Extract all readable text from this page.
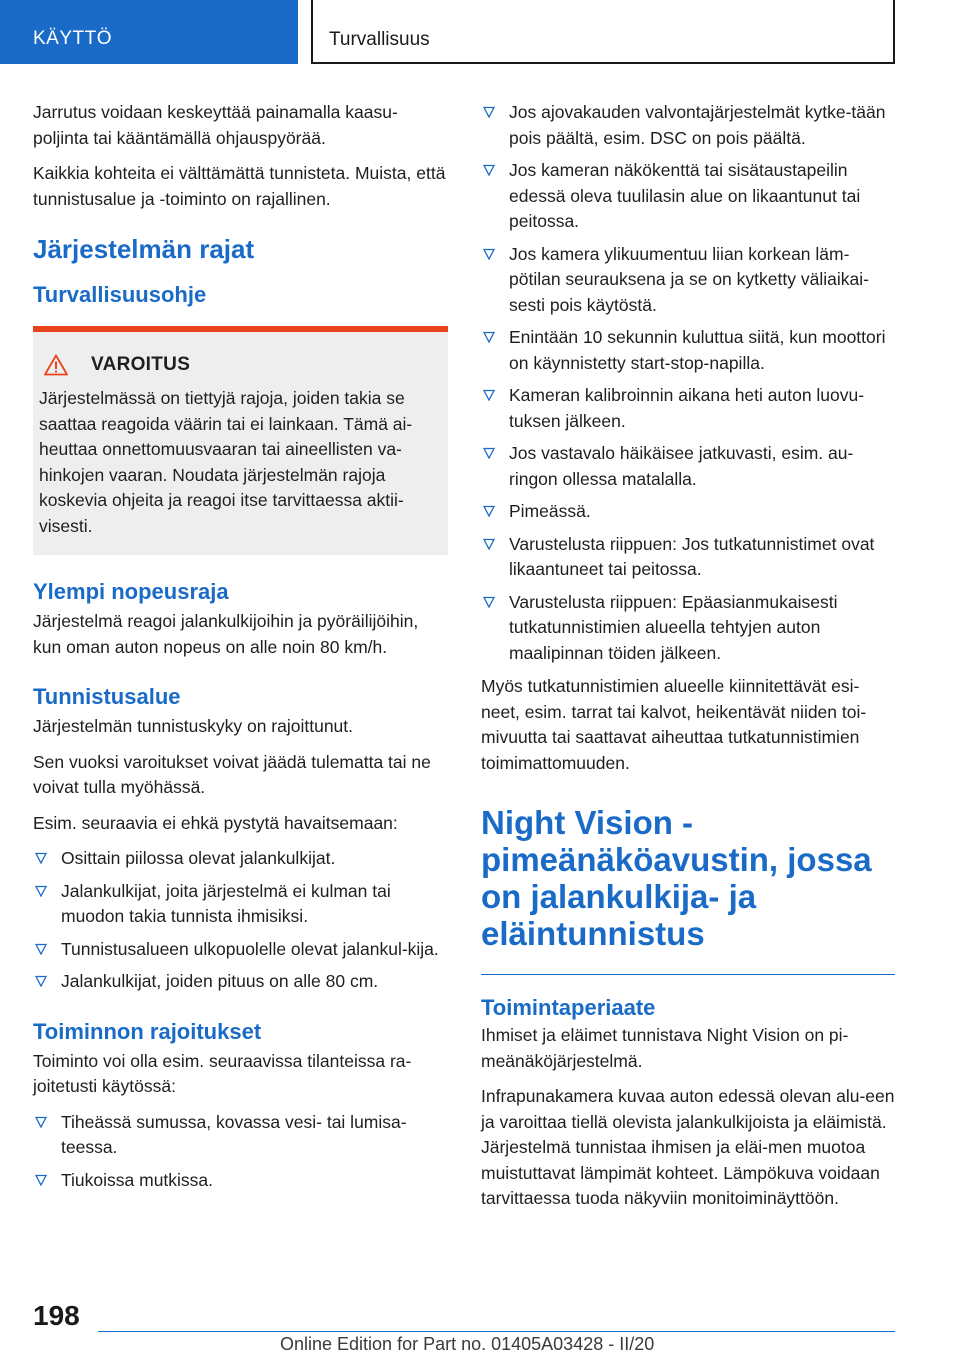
KÄYTTÖ	Turvallisuus

Jarrutus voidaan keskeyttää painamalla kaasu-poljinta tai kääntämällä ohjauspyörää.

Kaikkia kohteita ei välttämättä tunnisteta. Muista, että tunnistusalue ja -toiminto on rajallinen.

Järjestelmän rajat
Turvallisuusohje
VAROITUS

Järjestelmässä on tiettyjä rajoja, joiden takia se saattaa reagoida väärin tai ei lainkaan. Tämä ai-heuttaa onnettomuusvaaran tai aineellisten va-hinkojen vaaran. Noudata järjestelmän rajoja koskevia ohjeita ja reagoi itse tarvittaessa aktii-visesti.

Ylempi nopeusraja

Järjestelmä reagoi jalankulkijoihin ja pyöräilijöihin, kun oman auton nopeus on alle noin 80 km/h.

Tunnistusalue

Järjestelmän tunnistuskyky on rajoittunut.

Sen vuoksi varoitukset voivat jäädä tulematta tai ne voivat tulla myöhässä.

Esim. seuraavia ei ehkä pystytä havaitsemaan:

Osittain piilossa olevat jalankulkijat.
Jalankulkijat, joita järjestelmä ei kulman tai muodon takia tunnista ihmisiksi.
Tunnistusalueen ulkopuolelle olevat jalankul-kija.
Jalankulkijat, joiden pituus on alle 80 cm.
Toiminnon rajoitukset

Toiminto voi olla esim. seuraavissa tilanteissa ra-joitetusti käytössä:

Tiheässä sumussa, kovassa vesi- tai lumisa-teessa.
Tiukoissa mutkissa.
Jos ajovakauden valvontajärjestelmät kytke-tään pois päältä, esim. DSC on pois päältä.
Jos kameran näkökenttä tai sisätaustapeilin edessä oleva tuulilasin alue on likaantunut tai peitossa.
Jos kamera ylikuumentuu liian korkean läm-pötilan seurauksena ja se on kytketty väliaikai-sesti pois käytöstä.
Enintään 10 sekunnin kuluttua siitä, kun moottori on käynnistetty start-stop-napilla.
Kameran kalibroinnin aikana heti auton luovu-tuksen jälkeen.
Jos vastavalo häikäisee jatkuvasti, esim. au-ringon ollessa matalalla.
Pimeässä.
Varustelusta riippuen: Jos tutkatunnistimet ovat likaantuneet tai peitossa.
Varustelusta riippuen: Epäasianmukaisesti tutkatunnistimien alueella tehtyjen auton maalipinnan töiden jälkeen.

Myös tutkatunnistimien alueelle kiinnitettävät esi-neet, esim. tarrat tai kalvot, heikentävät niiden toi-mivuutta tai saattavat aiheuttaa tutkatunnistimien toimimattomuuden.

Night Vision - pimeänäköavustin, jossa on jalankulkija- ja eläintunnistus
Toimintaperiaate

Ihmiset ja eläimet tunnistava Night Vision on pi-meänäköjärjestelmä.

Infrapunakamera kuvaa auton edessä olevan alu-een ja varoittaa tiellä olevista jalankulkijoista ja eläimistä. Järjestelmä tunnistaa ihmisen ja eläi-men muotoa muistuttavat lämpimät kohteet. Lämpökuva voidaan tarvittaessa tuoda näkyviin monitoiminäyttöön.

198
Online Edition for Part no. 01405A03428 - II/20
